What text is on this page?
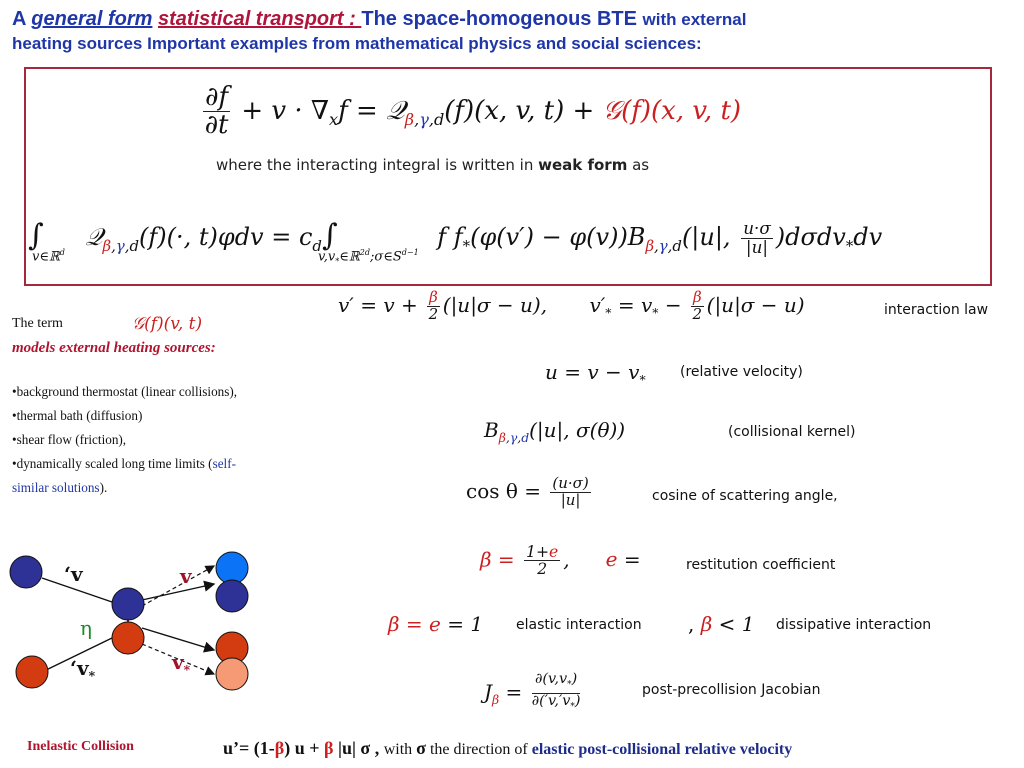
A general form statistical transport : The space-homogenous BTE with external
heating sources Important examples from mathematical physics and social sciences:
$\frac{\partial f}{\partial t} + v \cdot \nabla_xf$ = 𝒬$_{\beta,\gamma,d}$(f)(x, v, t) + 𝒢(f)(x, v, t)
where the interacting integral is written in weak form as
∫
v∈ℝ$^d$
𝒬$_{\beta,\gamma,d}$(f)(·, $t)\varphi dv = c_d\int$
$v,v_*\in ℝ^{2d};\sigma\in S^{d-1}$
f $f_*(\varphi(v') - \varphi(v))B_{\beta,\gamma,d}(|u|$, $\frac{u\cdot\sigma}{|u|} )d\sigma dv_*dv$
The term	𝒢(f)(v, t)
models external heating sources:
•background thermostat (linear collisions),
•thermal bath (diffusion)
•shear flow (friction),
•dynamically scaled long time limits (self-
similar solutions).
$v' = v + \frac{\beta}{2} (|u|\sigma - u)$, $v'_* = v_* - \frac{\beta}{2} (|u|\sigma - u)$	interaction law
$u = v - v_*$ (relative velocity)
$B_{\beta,\gamma,d}(|u|$, σ(θ))	(collisional kernel)
$\cos \theta = \frac{(u\cdot\sigma)}{|u|}$	cosine of scattering angle,
$\beta = \frac{1+e}{2}$ , e =	restitution coefficient
β = e = 1 elastic interaction , β < 1 dissipative interaction
$J_\beta = \frac{\partial(v,v_*)}{\partial('v,'v_*)}$	post-precollision Jacobian
‘v	v
η
‘$v_*$
$v_*$
Inelastic Collision	u’= (1-β) u + β |u| σ , with σ the direction of elastic post-collisional relative velocity
